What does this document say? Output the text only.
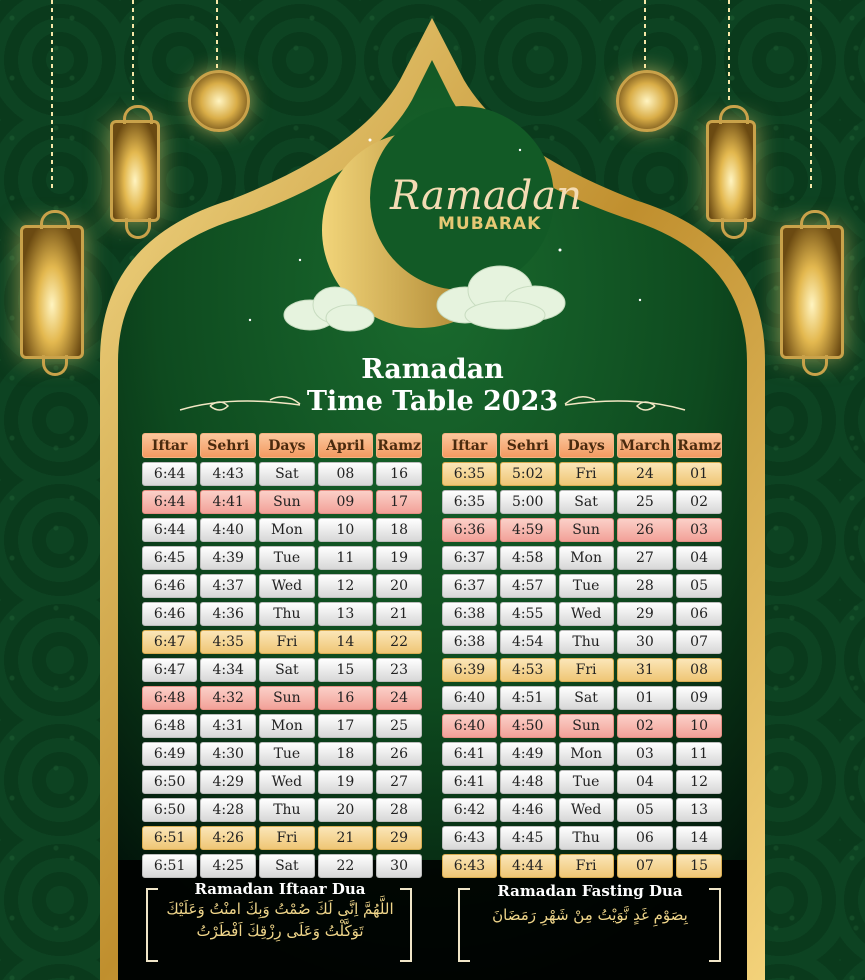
Ramadan
MUBARAK
Ramadan
Time Table 2023
Iftar	Sehri	Days	April	Ramz
6:44	4:43	Sat	08	16
6:44	4:41	Sun	09	17
6:44	4:40	Mon	10	18
6:45	4:39	Tue	11	19
6:46	4:37	Wed	12	20
6:46	4:36	Thu	13	21
6:47	4:35	Fri	14	22
6:47	4:34	Sat	15	23
6:48	4:32	Sun	16	24
6:48	4:31	Mon	17	25
6:49	4:30	Tue	18	26
6:50	4:29	Wed	19	27
6:50	4:28	Thu	20	28
6:51	4:26	Fri	21	29
6:51	4:25	Sat	22	30
Iftar	Sehri	Days	March	Ramz
6:35	5:02	Fri	24	01
6:35	5:00	Sat	25	02
6:36	4:59	Sun	26	03
6:37	4:58	Mon	27	04
6:37	4:57	Tue	28	05
6:38	4:55	Wed	29	06
6:38	4:54	Thu	30	07
6:39	4:53	Fri	31	08
6:40	4:51	Sat	01	09
6:40	4:50	Sun	02	10
6:41	4:49	Mon	03	11
6:41	4:48	Tue	04	12
6:42	4:46	Wed	05	13
6:43	4:45	Thu	06	14
6:43	4:44	Fri	07	15
Ramadan Iftaar Dua
اللَّهُمَّ اِنَّى لَكَ صُمْتُ وَبِكَ امنْتُ وَعَلَيْكَ
تَوَكَّلْتُ وَعَلَى رِزْقِكَ اَفْطَرْتُ
Ramadan Fasting Dua
بِصَوْمِ غَدٍ نَّوَيْتُ مِنْ شَهْرِ رَمَضَانَ
